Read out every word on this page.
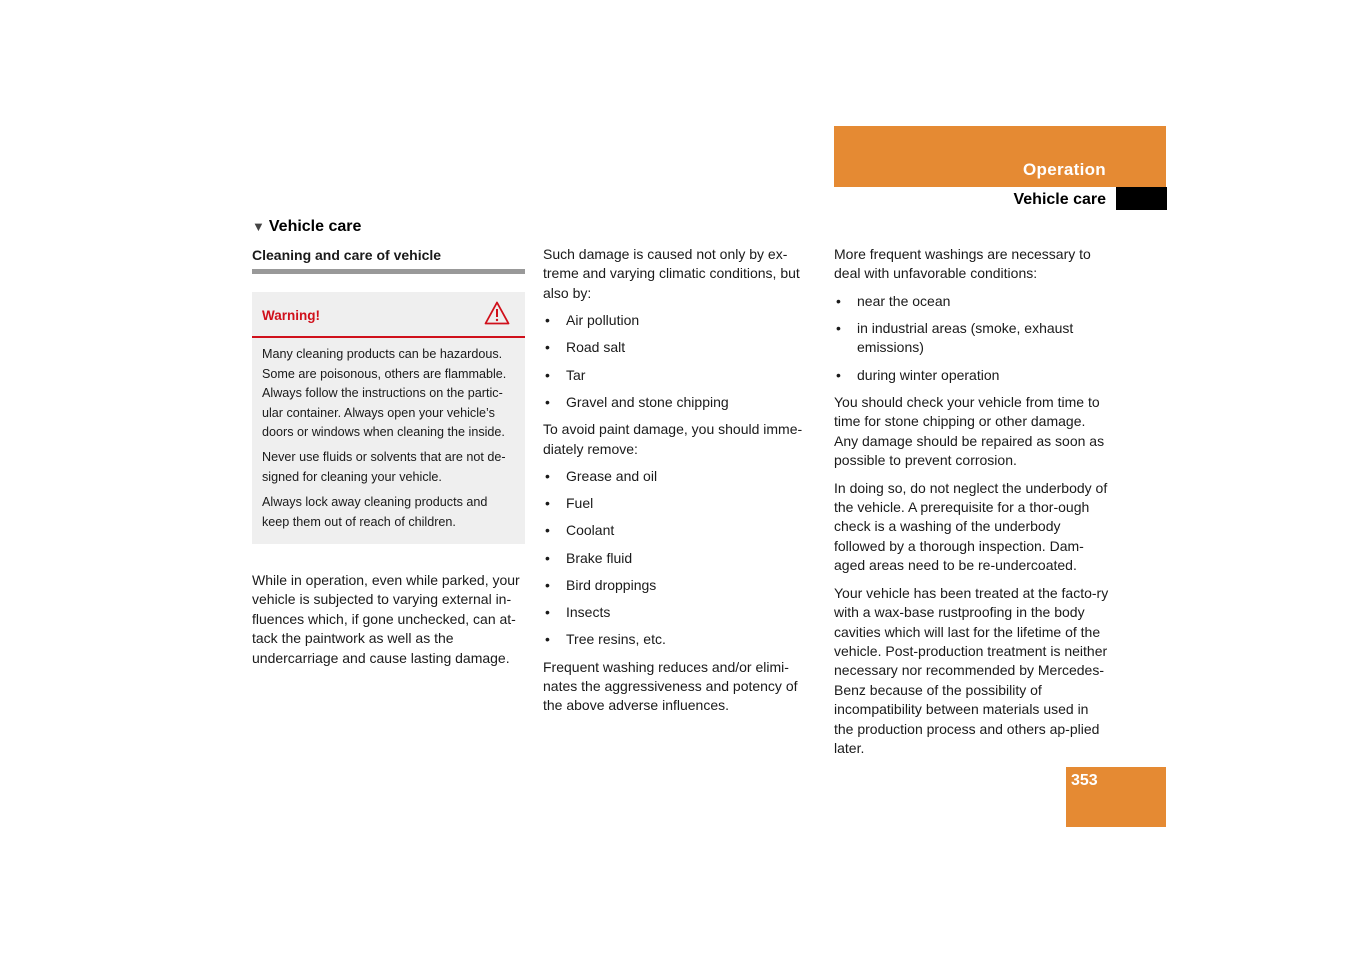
Operation
Vehicle care
▼ Vehicle care
Cleaning and care of vehicle
Warning!

Many cleaning products can be hazardous. Some are poisonous, others are flammable. Always follow the instructions on the partic-ular container. Always open your vehicle’s doors or windows when cleaning the inside.

Never use fluids or solvents that are not de-signed for cleaning your vehicle.

Always lock away cleaning products and keep them out of reach of children.

While in operation, even while parked, your vehicle is subjected to varying external in-fluences which, if gone unchecked, can at-tack the paintwork as well as the undercarriage and cause lasting damage.

Such damage is caused not only by ex-treme and varying climatic conditions, but also by:

• Air pollution
• Road salt
• Tar
• Gravel and stone chipping

To avoid paint damage, you should imme-diately remove:

• Grease and oil
• Fuel
• Coolant
• Brake fluid
• Bird droppings
• Insects
• Tree resins, etc.

Frequent washing reduces and/or elimi-nates the aggressiveness and potency of the above adverse influences.

More frequent washings are necessary to deal with unfavorable conditions:

• near the ocean
• in industrial areas (smoke, exhaust emissions)
• during winter operation

You should check your vehicle from time to time for stone chipping or other damage. Any damage should be repaired as soon as possible to prevent corrosion.

In doing so, do not neglect the underbody of the vehicle. A prerequisite for a thor-ough check is a washing of the underbody followed by a thorough inspection. Dam-aged areas need to be re-undercoated.

Your vehicle has been treated at the facto-ry with a wax-base rustproofing in the body cavities which will last for the lifetime of the vehicle. Post-production treatment is neither necessary nor recommended by Mercedes-Benz because of the possibility of incompatibility between materials used in the production process and others ap-plied later.

353
